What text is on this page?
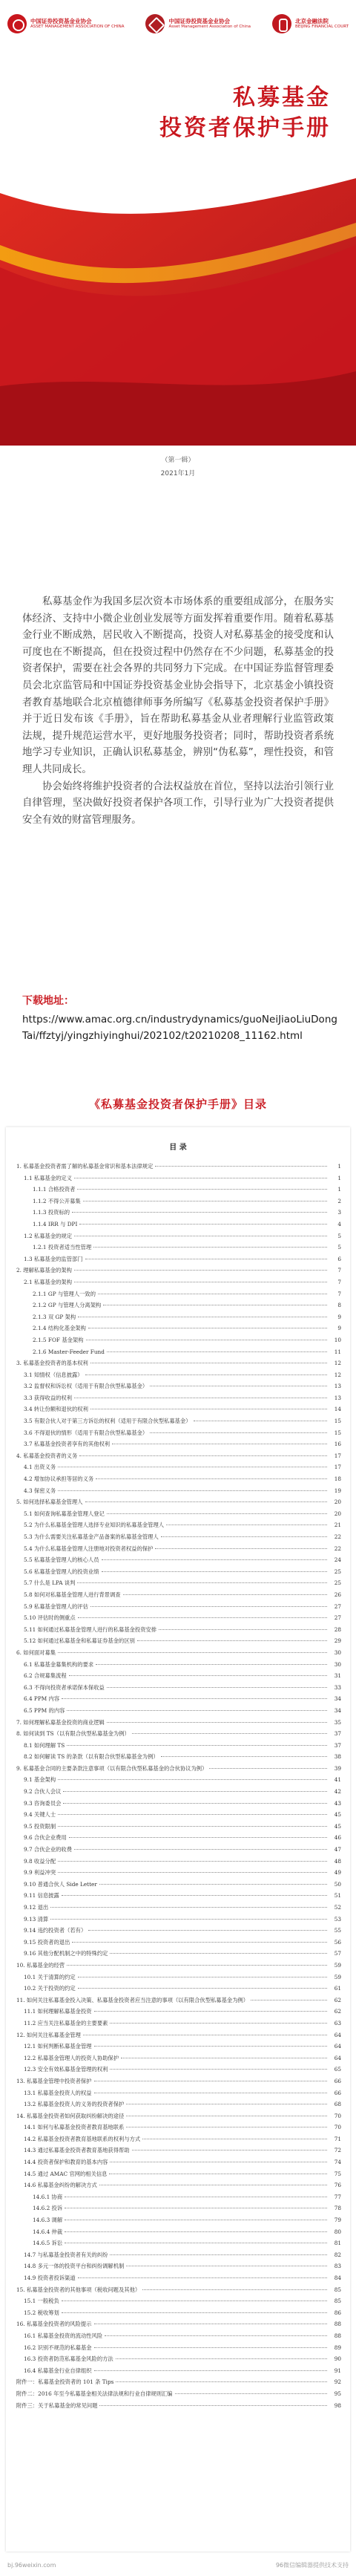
中国证券投资基金业协会
ASSET MANAGEMENT ASSOCIATION OF CHINA
中国证券投资基金业协会
Asset Management Association of China
北京金融法院
BEIJING FINANCIAL COURT
私募基金
投资者保护手册
（第一辑）
2021年1月

私募基金作为我国多层次资本市场体系的重要组成部分，在服务实体经济、支持中小微企业创业发展等方面发挥着重要作用。随着私募基金行业不断成熟，居民收入不断提高，投资人对私募基金的接受度和认可度也在不断提高，但在投资过程中仍然存在不少问题，私募基金的投资者保护，需要在社会各界的共同努力下完成。在中国证券监督管理委员会北京监管局和中国证券投资基金业协会指导下，北京基金小镇投资者教育基地联合北京植德律师事务所编写《私募基金投资者保护手册》并于近日发布该《手册》，旨在帮助私募基金从业者理解行业监管政策法规，提升规范运营水平，更好地服务投资者；同时，帮助投资者系统地学习专业知识，正确认识私募基金，辨别“伪私募”，理性投资，和管理人共同成长。

协会始终将维护投资者的合法权益放在首位，坚持以法治引领行业自律管理，坚决做好投资者保护各项工作，引导行业为广大投资者提供安全有效的财富管理服务。

下载地址：
https://www.amac.org.cn/industrydynamics/guoNeiJiaoLiuDongTai/ffztyj/yingzhiyinghui/202102/t20210208_11162.html
《私募基金投资者保护手册》目录
目 录
1. 私募基金投资者需了解的私募基金常识和基本法律规定	1
1.1 私募基金的定义	1
1.1.1 合格投资者	1
1.1.2 不得公开募集	2
1.1.3 投资标的	3
1.1.4 IRR 与 DPI	4
1.2 私募基金的规定	5
1.2.1 投资者适当性管理	5
1.3 私募基金的监管部门	6
2. 理解私募基金的架构	7
2.1 私募基金的架构	7
2.1.1 GP 与管理人一致的	7
2.1.2 GP 与管理人分离架构	8
2.1.3 双 GP 架构	9
2.1.4 结构化基金架构	9
2.1.5 FOF 基金架构	10
2.1.6 Master-Feeder Fund	11
3. 私募基金投资者的基本权利	12
3.1 知情权（信息披露）	12
3.2 监督权和诉讼权（适用于有限合伙型私募基金）	13
3.3 获得收益的权利	13
3.4 转让份额和退伙的权利	14
3.5 有限合伙人对于第三方诉讼的权利（适用于有限合伙型私募基金）	15
3.6 不得退伙的情形（适用于有限合伙型私募基金）	15
3.7 私募基金投资者享有的其他权利	16
4. 私募基金投资者的义务	17
4.1 出资义务	17
4.2 增加协议承担等居的义务	18
4.3 保密义务	19
5. 如何选择私募基金管理人	20
5.1 如何查询私募基金管理人登记	20
5.2 为什么私募基金管理人选择专业知识的私募基金管理人	21
5.3 为什么需要关注私募基金产品备案的私募基金管理人	22
5.4 为什么私募基金管理人注册地对投资者权益的保护	22
5.5 私募基金管理人的核心人员	24
5.6 私募基金管理人的投资业绩	25
5.7 什么是 LPA 谈判	25
5.8 如何对私募基金管理人进行背景调查	26
5.9 私募基金管理人的评估	27
5.10 评估时的侧重点	27
5.11 如何通过私募基金管理人进行的私募基金投资安排	28
5.12 如何通过私募基金和私募证券基金的区别	29
6. 如何面对募集	30
6.1 私募基金募集机构的要求	30
6.2 合规募集流程	31
6.3 不得向投资者承诺保本保收益	33
6.4 PPM 内容	34
6.5 PPM 的内容	34
7. 如何理解私募基金投资的商业逻辑	35
8. 如何读到 TS（以有限合伙型私募基金为例）	37
8.1 如何理解 TS	37
8.2 如何解读 TS 的条款（以有限合伙型私募基金为例）	38
9. 私募基金合同的主要条款注意事项（以有限合伙型私募基金的合伙协议为例）	39
9.1 基金架构	41
9.2 合伙人会议	42
9.3 咨询委员会	43
9.4 关键人士	45
9.5 投资限制	45
9.6 合伙企业费用	46
9.7 合伙企业的收费	47
9.8 收益分配	48
9.9 利益冲突	49
9.10 普通合伙人 Side Letter	50
9.11 信息披露	51
9.12 退出	52
9.13 清算	53
9.14 违约投资者（若有）	55
9.15 投资者的退出	56
9.16 其他分配机制之中的特殊约定	57
10. 私募基金的经营	59
10.1 关于清算的约定	59
10.2 关于投资的约定	61
11. 如何关注私募基金投入决策、私募基金投资者应当注意的事项（以有限合伙型私募基金为例）	62
11.1 如何理解私募基金投资	62
11.2 应当关注私募基金的主要要素	63
12. 如何关注私募基金管理	64
12.1 如何判断私募基金管理	64
12.2 私募基金管理人的投资人协助保护	64
12.3 安全有效私募基金管理的权利	65
13. 私募基金管理中投资者保护	66
13.1 私募基金投资人的权益	66
13.2 私募基金投资人的义务的投资者保护	68
14. 私募基金投资者如何获取纠纷解决的途径	70
14.1 如何与私募基金投资者教育基地联系	70
14.2 私募基金投资者教育基地联系的权利与方式	71
14.3 通过私募基金投资者教育基地获得帮助	72
14.4 投资者保护和教育的基本内容	74
14.5 通过 AMAC 官网的相关信息	75
14.6 私募基金纠纷的解决方式	76
14.6.1 协商	77
14.6.2 投诉	78
14.6.3 调解	79
14.6.4 仲裁	80
14.6.5 诉讼	81
14.7 与私募基金投资者有关的纠纷	82
14.8 多元一体的投资平台和纠纷调解机制	83
14.9 投资者投诉渠道	84
15. 私募基金投资者的其他事项（税收问题及其他）	85
15.1 一般税负	85
15.2 税收筹划	86
16. 私募基金投资者的风险提示	88
16.1 私募基金投资的流动性风险	88
16.2 识别不规范的私募基金	89
16.3 投资者防范私募基金风险的方法	90
16.4 私募基金行业自律组织	91
附件一：私募基金投资者的 101 条 Tips	92
附件二：2016 年至今私募基金相关法律法规和行业自律规则汇编	95
附件三：关于私募基金的常见问题	98
bj.96weixin.com	96微信编辑器提供技术支持
